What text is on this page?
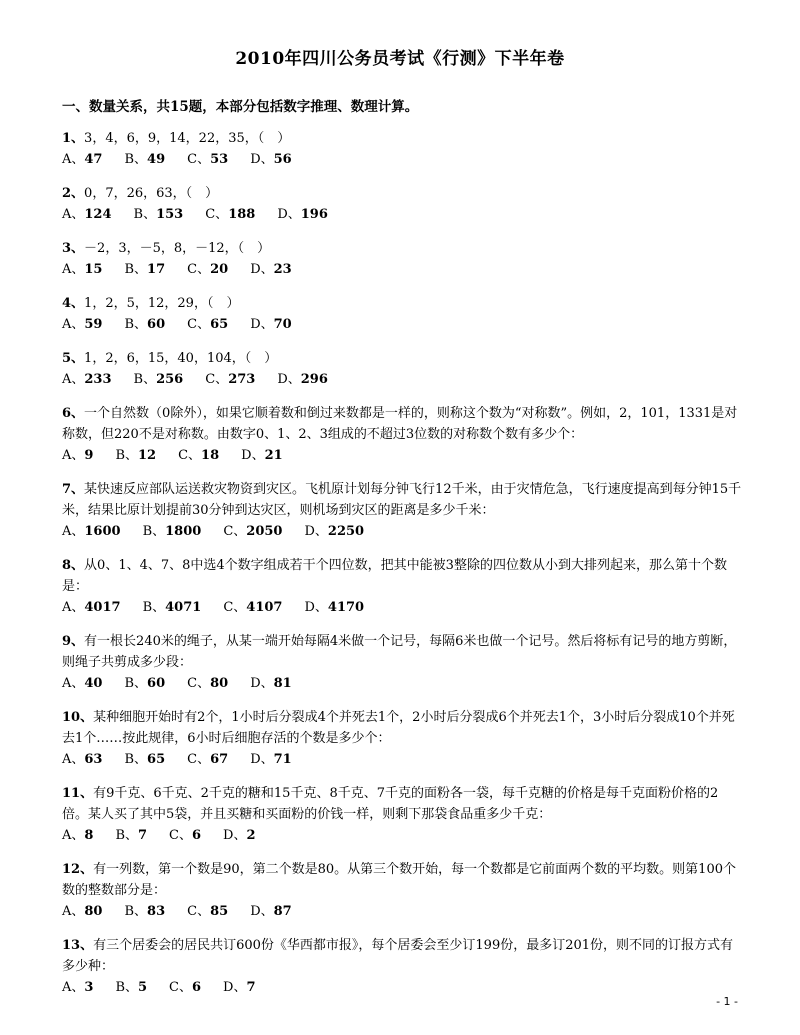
2010年四川公务员考试《行测》下半年卷
一、数量关系，共15题，本部分包括数字推理、数理计算。
1、3，4，6，9，14，22，35，（　）
A、47 B、49 C、53 D、56
2、0，7，26，63，（　）
A、124 B、153 C、188 D、196
3、－2，3，－5，8，－12，（　）
A、15 B、17 C、20 D、23
4、1，2，5，12，29，（　）
A、59 B、60 C、65 D、70
5、1，2，6，15，40，104，（　）
A、233 B、256 C、273 D、296
6、一个自然数（0除外），如果它顺着数和倒过来数都是一样的，则称这个数为“对称数”。例如，2，101，1331是对称数，但220不是对称数。由数字0、1、2、3组成的不超过3位数的对称数个数有多少个：
A、9 B、12 C、18 D、21
7、某快速反应部队运送救灾物资到灾区。飞机原计划每分钟飞行12千米，由于灾情危急，飞行速度提高到每分钟15千米，结果比原计划提前30分钟到达灾区，则机场到灾区的距离是多少千米：
A、1600 B、1800 C、2050 D、2250
8、从0、1、4、7、8中选4个数字组成若干个四位数，把其中能被3整除的四位数从小到大排列起来，那么第十个数是：
A、4017 B、4071 C、4107 D、4170
9、有一根长240米的绳子，从某一端开始每隔4米做一个记号，每隔6米也做一个记号。然后将标有记号的地方剪断，则绳子共剪成多少段：
A、40 B、60 C、80 D、81
10、某种细胞开始时有2个，1小时后分裂成4个并死去1个，2小时后分裂成6个并死去1个，3小时后分裂成10个并死去1个……按此规律，6小时后细胞存活的个数是多少个：
A、63 B、65 C、67 D、71
11、有9千克、6千克、2千克的糖和15千克、8千克、7千克的面粉各一袋，每千克糖的价格是每千克面粉价格的2倍。某人买了其中5袋，并且买糖和买面粉的价钱一样，则剩下那袋食品重多少千克：
A、8 B、7 C、6 D、2
12、有一列数，第一个数是90，第二个数是80。从第三个数开始，每一个数都是它前面两个数的平均数。则第100个数的整数部分是：
A、80 B、83 C、85 D、87
13、有三个居委会的居民共订600份《华西都市报》，每个居委会至少订199份，最多订201份，则不同的订报方式有多少种：
A、3 B、5 C、6 D、7
- 1 -
